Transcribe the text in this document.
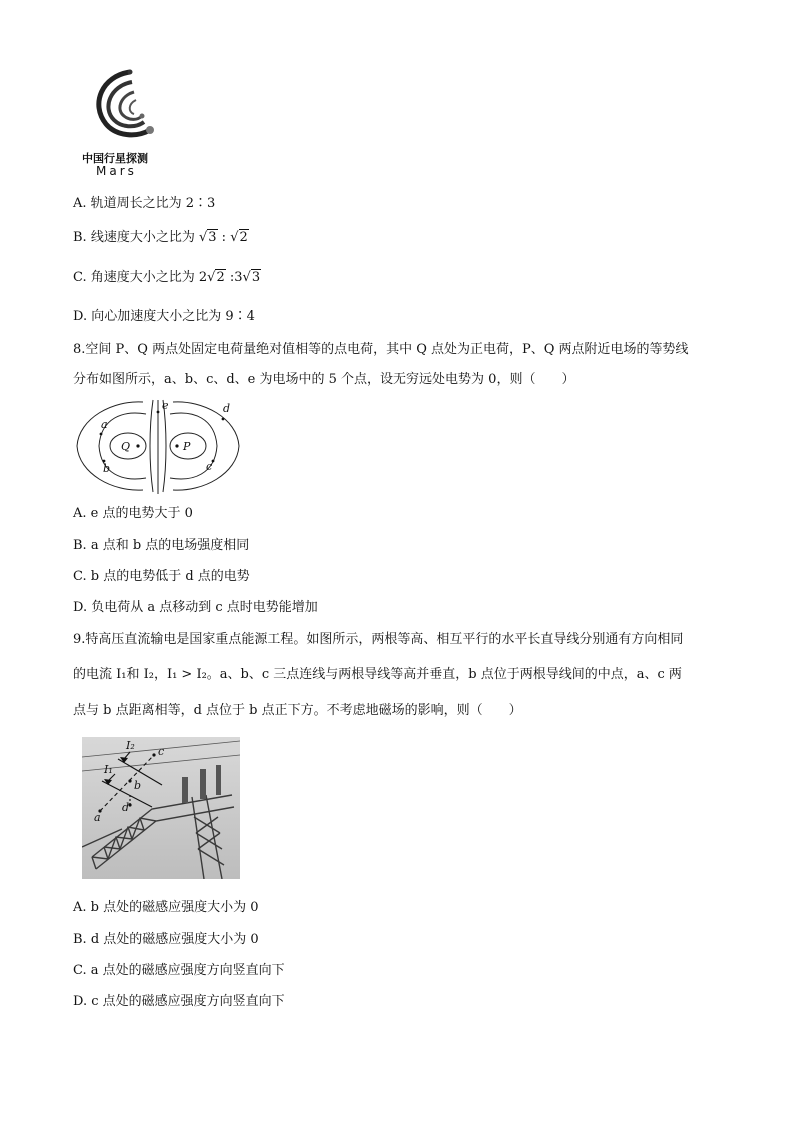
中国行星探测
Mars
A. 轨道周长之比为 2∶3
B. 线速度大小之比为 √3 : √2
C. 角速度大小之比为 2√2 :3√3
D. 向心加速度大小之比为 9∶4
8.空间 P、Q 两点处固定电荷量绝对值相等的点电荷，其中 Q 点处为正电荷，P、Q 两点附近电场的等势线
分布如图所示，a、b、c、d、e 为电场中的 5 个点，设无穷远处电势为 0，则（　　）
Q	P
a
b	c
d
e
A. e 点的电势大于 0
B. a 点和 b 点的电场强度相同
C. b 点的电势低于 d 点的电势
D. 负电荷从 a 点移动到 c 点时电势能增加
9.特高压直流输电是国家重点能源工程。如图所示，两根等高、相互平行的水平长直导线分别通有方向相同
的电流 I₁和 I₂，I₁ > I₂。a、b、c 三点连线与两根导线等高并垂直，b 点位于两根导线间的中点，a、c 两
点与 b 点距离相等，d 点位于 b 点正下方。不考虑地磁场的影响，则（　　）
I₂
I₁
a
b
c
d
A. b 点处的磁感应强度大小为 0
B. d 点处的磁感应强度大小为 0
C. a 点处的磁感应强度方向竖直向下
D. c 点处的磁感应强度方向竖直向下
